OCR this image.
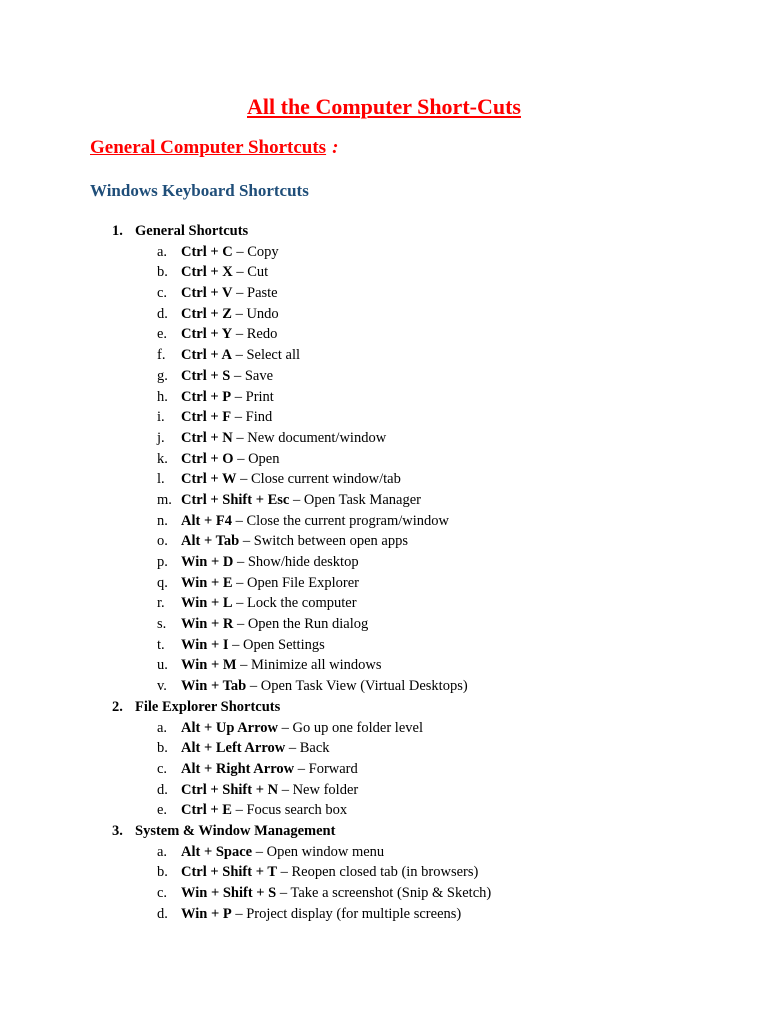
All the Computer Short-Cuts
General Computer Shortcuts :
Windows Keyboard Shortcuts
1. General Shortcuts
a. Ctrl + C – Copy
b. Ctrl + X – Cut
c. Ctrl + V – Paste
d. Ctrl + Z – Undo
e. Ctrl + Y – Redo
f. Ctrl + A – Select all
g. Ctrl + S – Save
h. Ctrl + P – Print
i. Ctrl + F – Find
j. Ctrl + N – New document/window
k. Ctrl + O – Open
l. Ctrl + W – Close current window/tab
m. Ctrl + Shift + Esc – Open Task Manager
n. Alt + F4 – Close the current program/window
o. Alt + Tab – Switch between open apps
p. Win + D – Show/hide desktop
q. Win + E – Open File Explorer
r. Win + L – Lock the computer
s. Win + R – Open the Run dialog
t. Win + I – Open Settings
u. Win + M – Minimize all windows
v. Win + Tab – Open Task View (Virtual Desktops)
2. File Explorer Shortcuts
a. Alt + Up Arrow – Go up one folder level
b. Alt + Left Arrow – Back
c. Alt + Right Arrow – Forward
d. Ctrl + Shift + N – New folder
e. Ctrl + E – Focus search box
3. System & Window Management
a. Alt + Space – Open window menu
b. Ctrl + Shift + T – Reopen closed tab (in browsers)
c. Win + Shift + S – Take a screenshot (Snip & Sketch)
d. Win + P – Project display (for multiple screens)
